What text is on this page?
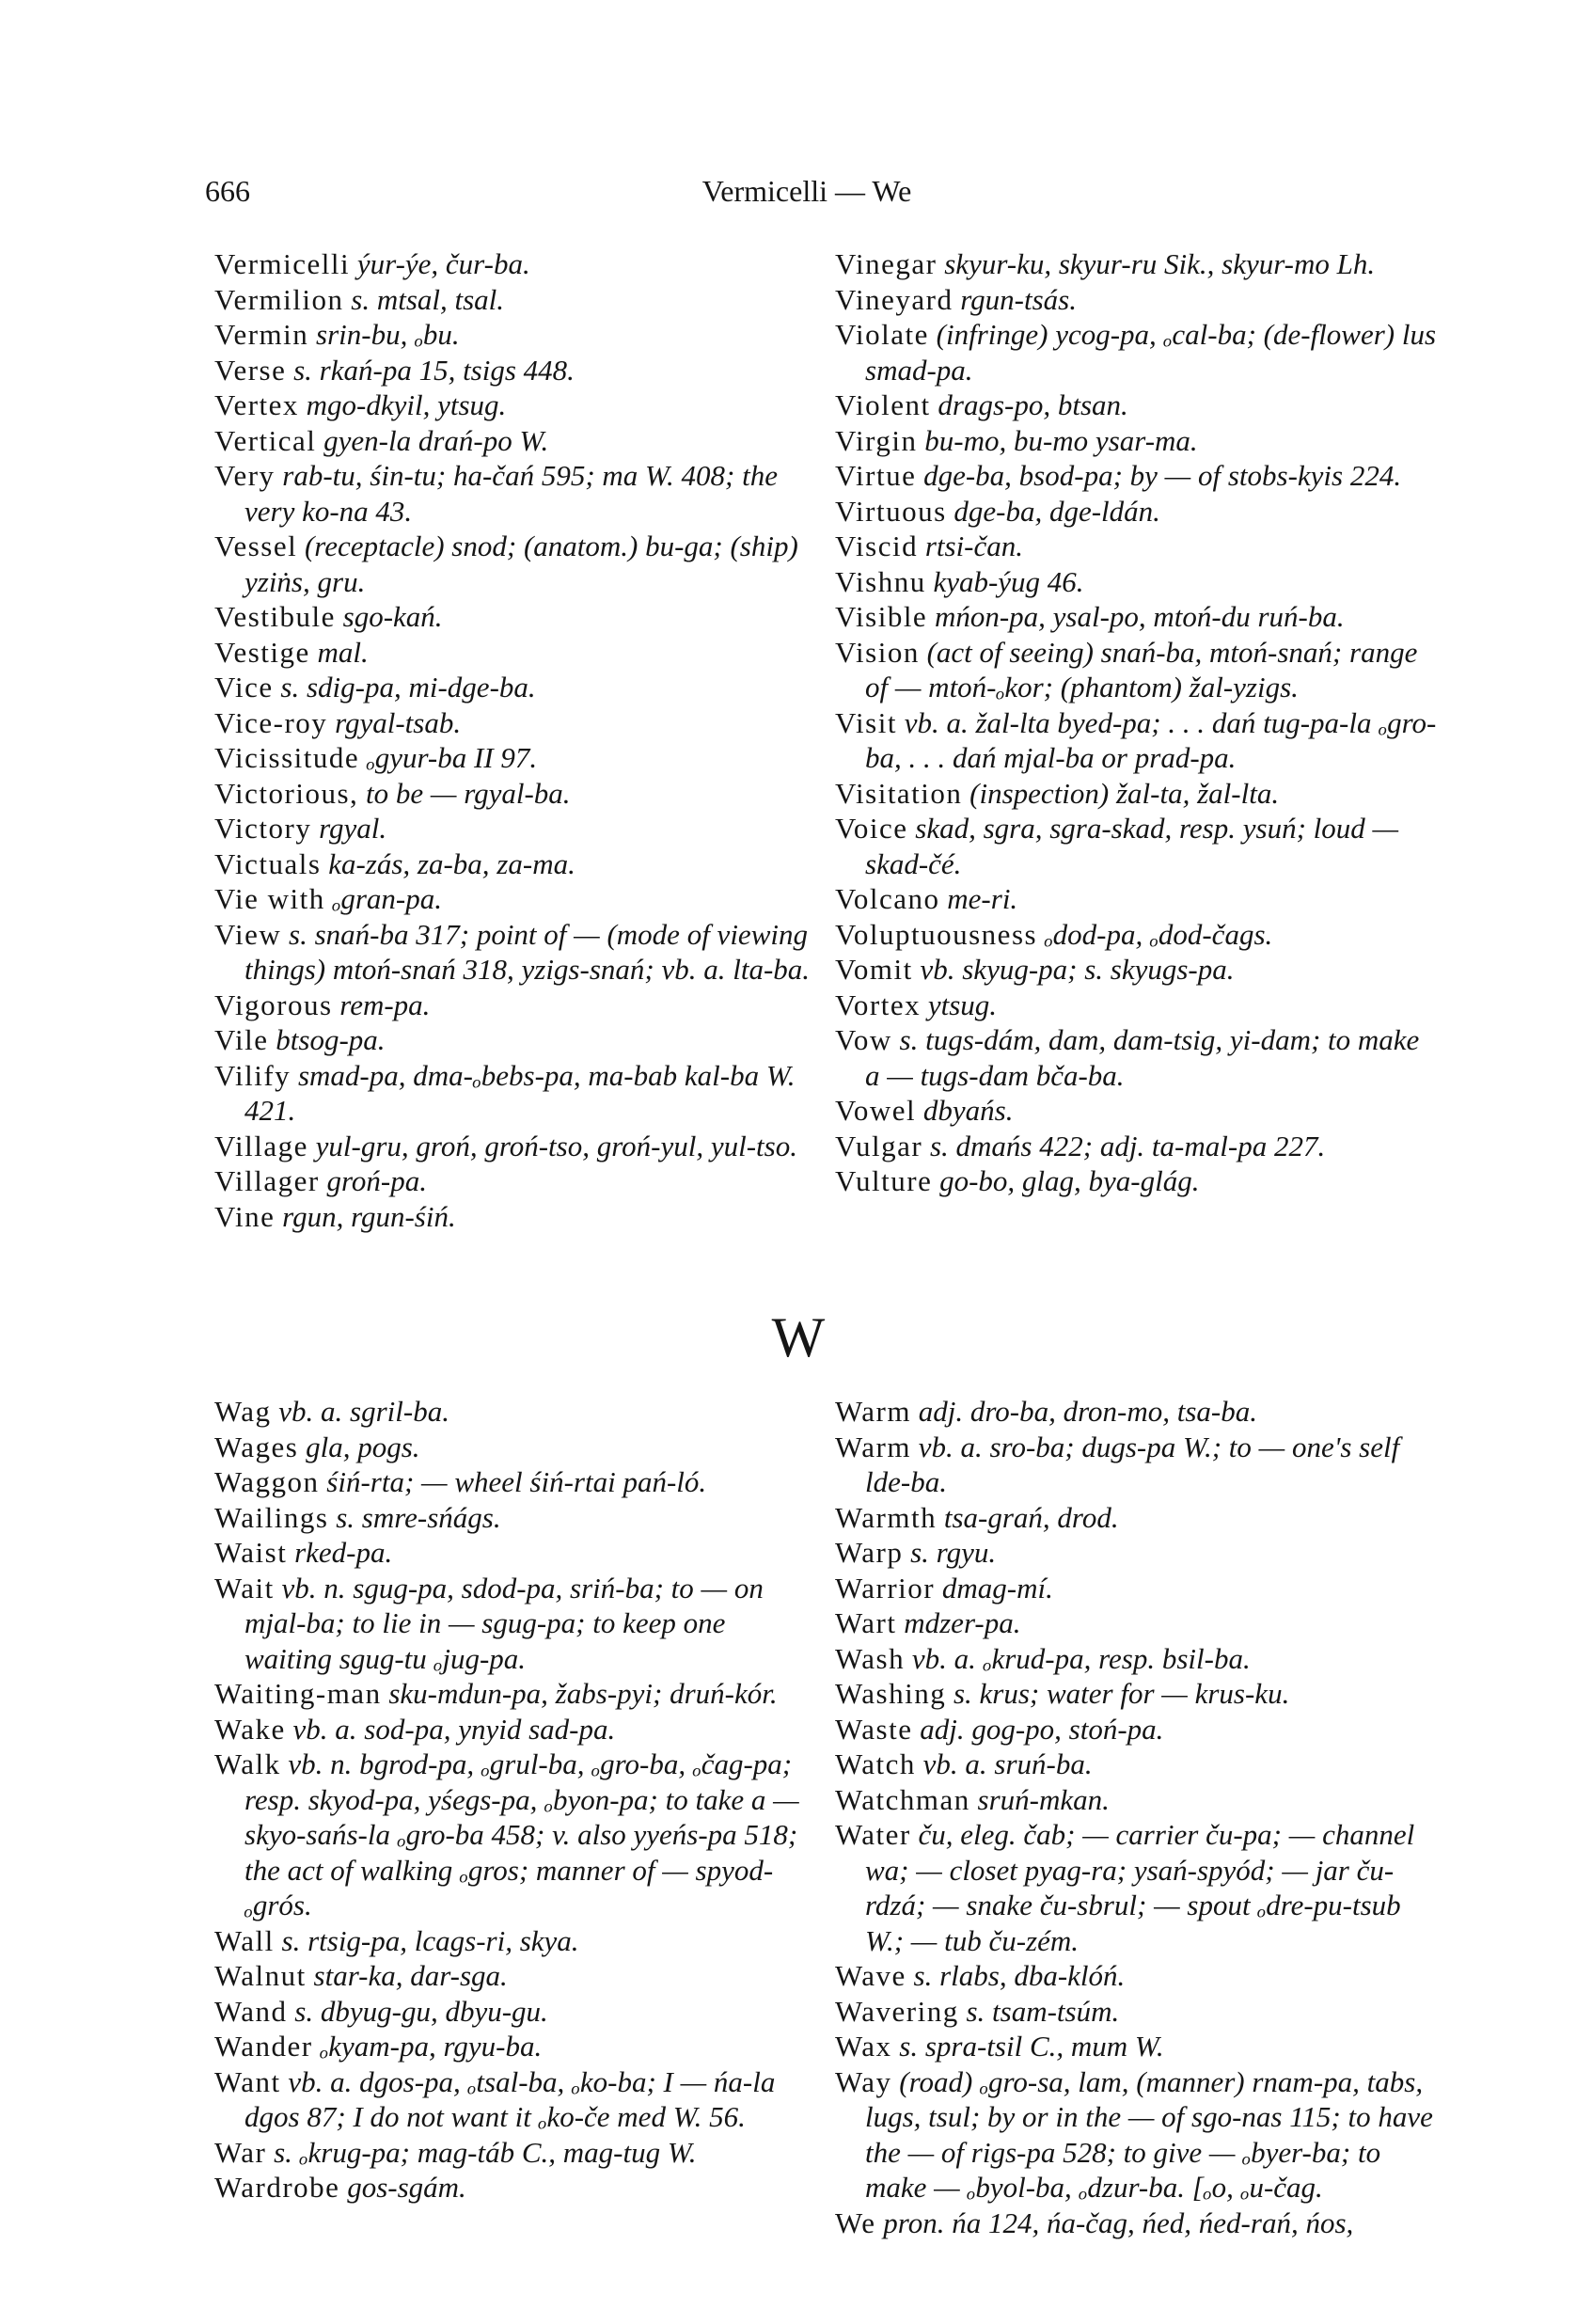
666	Vermicelli — We

Vermicelli ýur-ýe, čur-ba.

Vermilion s. mtsal, tsal.

Vermin srin-bu, ₒbu.

Verse s. rkań-pa 15, tsigs 448.

Vertex mgo-dkyil, ytsug.

Vertical gyen-la drań-po W.

Very rab-tu, śin-tu; ha-čań 595; ma W. 408; the very ko-na 43.

Vessel (receptacle) snod; (anatom.) bu-ga; (ship) yziṅs, gru.

Vestibule sgo-kań.

Vestige mal.

Vice s. sdig-pa, mi-dge-ba.

Vice-roy rgyal-tsab.

Vicissitude ₒgyur-ba II 97.

Victorious, to be — rgyal-ba.

Victory rgyal.

Victuals ka-zás, za-ba, za-ma.

Vie with ₒgran-pa.

View s. snań-ba 317; point of — (mode of viewing things) mtoń-snań 318, yzigs-snań; vb. a. lta-ba.

Vigorous rem-pa.

Vile btsog-pa.

Vilify smad-pa, dma-ₒbebs-pa, ma-bab kal-ba W. 421.

Village yul-gru, groń, groń-tso, groń-yul, yul-tso.

Villager groń-pa.

Vine rgun, rgun-śiń.

Vinegar skyur-ku, skyur-ru Sik., skyur-mo Lh.

Vineyard rgun-tsás.

Violate (infringe) ycog-pa, ₒcal-ba; (de-flower) lus smad-pa.

Violent drags-po, btsan.

Virgin bu-mo, bu-mo ysar-ma.

Virtue dge-ba, bsod-pa; by — of stobs-kyis 224.

Virtuous dge-ba, dge-ldán.

Viscid rtsi-čan.

Vishnu kyab-ýug 46.

Visible mńon-pa, ysal-po, mtoń-du ruń-ba.

Vision (act of seeing) snań-ba, mtoń-snań; range of — mtoń-ₒkor; (phantom) žal-yzigs.

Visit vb. a. žal-lta byed-pa; . . . dań tug-pa-la ₒgro-ba, . . . dań mjal-ba or prad-pa.

Visitation (inspection) žal-ta, žal-lta.

Voice skad, sgra, sgra-skad, resp. ysuń; loud — skad-čé.

Volcano me-ri.

Voluptuousness ₒdod-pa, ₒdod-čags.

Vomit vb. skyug-pa; s. skyugs-pa.

Vortex ytsug.

Vow s. tugs-dám, dam, dam-tsig, yi-dam; to make a — tugs-dam bča-ba.

Vowel dbyańs.

Vulgar s. dmańs 422; adj. ta-mal-pa 227.

Vulture go-bo, glag, bya-glág.

W

Wag vb. a. sgril-ba.

Wages gla, pogs.

Waggon śiń-rta; — wheel śiń-rtai pań-ló.

Wailings s. smre-sńágs.

Waist rked-pa.

Wait vb. n. sgug-pa, sdod-pa, sriń-ba; to — on mjal-ba; to lie in — sgug-pa; to keep one waiting sgug-tu ₒjug-pa.

Waiting-man sku-mdun-pa, žabs-pyi; druń-kór.

Wake vb. a. sod-pa, ynyid sad-pa.

Walk vb. n. bgrod-pa, ₒgrul-ba, ₒgro-ba, ₒčag-pa; resp. skyod-pa, yśegs-pa, ₒbyon-pa; to take a — skyo-sańs-la ₒgro-ba 458; v. also yyeńs-pa 518; the act of walking ₒgros; manner of — spyod-ₒgrós.

Wall s. rtsig-pa, lcags-ri, skya.

Walnut star-ka, dar-sga.

Wand s. dbyug-gu, dbyu-gu.

Wander ₒkyam-pa, rgyu-ba.

Want vb. a. dgos-pa, ₒtsal-ba, ₒko-ba; I — ńa-la dgos 87; I do not want it ₒko-če med W. 56.

War s. ₒkrug-pa; mag-táb C., mag-tug W.

Wardrobe gos-sgám.

Warm adj. dro-ba, dron-mo, tsa-ba.

Warm vb. a. sro-ba; dugs-pa W.; to — one's self lde-ba.

Warmth tsa-grań, drod.

Warp s. rgyu.

Warrior dmag-mí.

Wart mdzer-pa.

Wash vb. a. ₒkrud-pa, resp. bsil-ba.

Washing s. krus; water for — krus-ku.

Waste adj. gog-po, stoń-pa.

Watch vb. a. sruń-ba.

Watchman sruń-mkan.

Water ču, eleg. čab; — carrier ču-pa; — channel wa; — closet pyag-ra; ysań-spyód; — jar ču-rdzá; — snake ču-sbrul; — spout ₒdre-pu-tsub W.; — tub ču-zém.

Wave s. rlabs, dba-klóń.

Wavering s. tsam-tsúm.

Wax s. spra-tsil C., mum W.

Way (road) ₒgro-sa, lam, (manner) rnam-pa, tabs, lugs, tsul; by or in the — of sgo-nas 115; to have the — of rigs-pa 528; to give — ₒbyer-ba; to make — ₒbyol-ba, ₒdzur-ba. [ₒo, ₒu-čag.

We pron. ńa 124, ńa-čag, ńed, ńed-rań, ńos,
